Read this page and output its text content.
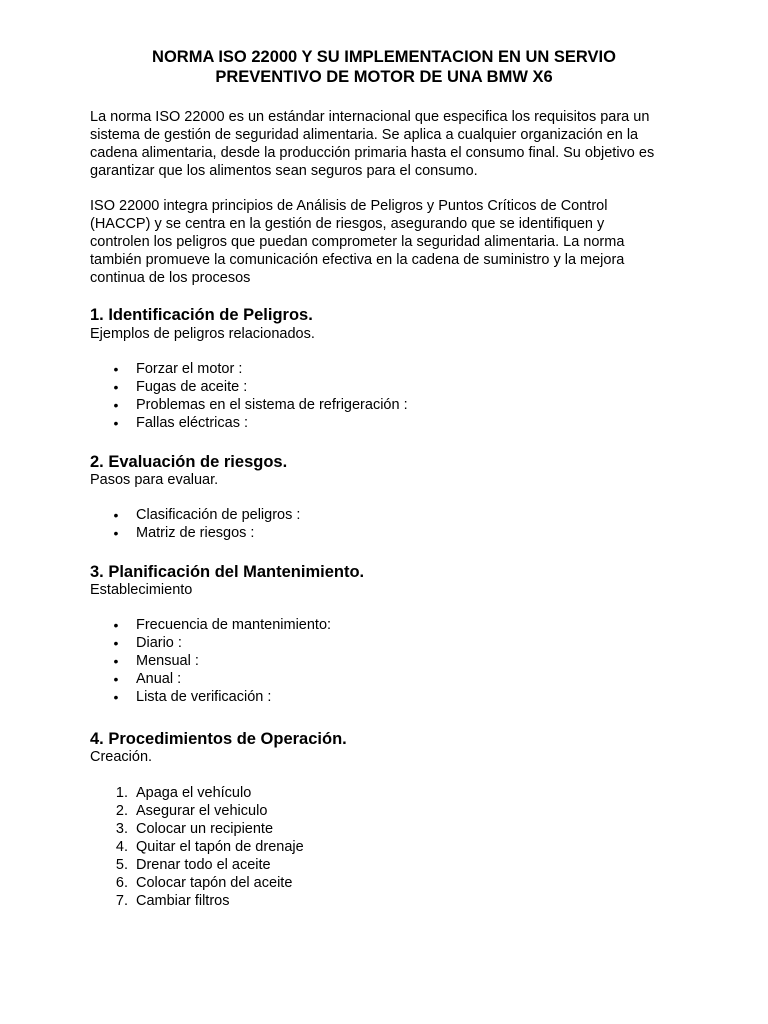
NORMA ISO 22000 Y SU IMPLEMENTACION EN UN SERVIO
PREVENTIVO DE MOTOR DE UNA BMW X6
La norma ISO 22000 es un estándar internacional que especifica los requisitos para un
sistema de gestión de seguridad alimentaria. Se aplica a cualquier organización en la
cadena alimentaria, desde la producción primaria hasta el consumo final. Su objetivo es
garantizar que los alimentos sean seguros para el consumo.
ISO 22000 integra principios de Análisis de Peligros y Puntos Críticos de Control
(HACCP) y se centra en la gestión de riesgos, asegurando que se identifiquen y
controlen los peligros que puedan comprometer la seguridad alimentaria. La norma
también promueve la comunicación efectiva en la cadena de suministro y la mejora
continua de los procesos
1. Identificación de Peligros.
Ejemplos de peligros relacionados.
•	Forzar el motor :
•	Fugas de aceite :
•	Problemas en el sistema de refrigeración :
•	Fallas eléctricas :
2. Evaluación de riesgos.
Pasos para evaluar.
•	Clasificación de peligros :
•	Matriz de riesgos :
3. Planificación del Mantenimiento.
Establecimiento
•	Frecuencia de mantenimiento:
•	Diario :
•	Mensual :
•	Anual :
•	Lista de verificación :
4. Procedimientos de Operación.
Creación.
1. Apaga el vehículo
2. Asegurar el vehiculo
3. Colocar un recipiente
4. Quitar el tapón de drenaje
5. Drenar todo el aceite
6. Colocar tapón del aceite
7. Cambiar filtros
